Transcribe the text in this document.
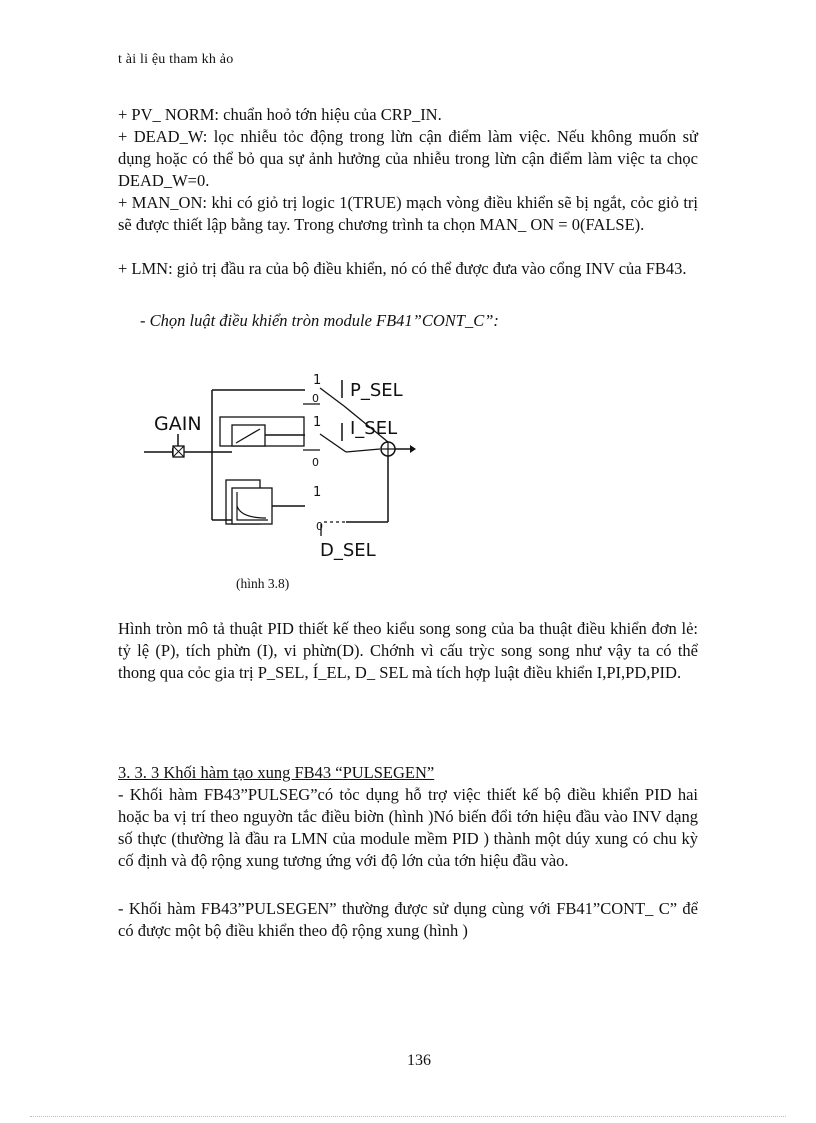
t ài li ệu tham kh ảo

+ PV_ NORM: chuẩn hoỏ tớn hiệu của CRP_IN.

+ DEAD_W: lọc nhiễu tỏc động trong lừn cận điểm làm việc. Nếu không muốn sử dụng hoặc có thể bỏ qua sự ảnh hưởng của nhiễu trong lừn cận điểm làm việc ta chọc DEAD_W=0.

+ MAN_ON: khi có giỏ trị logic 1(TRUE) mạch vòng điều khiển sẽ bị ngắt, cỏc giỏ trị sẽ được thiết lập bằng tay. Trong chương trình ta chọn MAN_ ON = 0(FALSE).

+ LMN: giỏ trị đầu ra của bộ điều khiển, nó có thể được đưa vào cổng INV của FB43.

- Chọn luật điều khiển tròn module FB41”CONT_C”:

GAIN
1
0 P_SEL
1
0
I_SEL
1
0
D_SEL
(hình 3.8)

Hình tròn mô tả thuật PID thiết kế theo kiểu song song của ba thuật điều khiển đơn lẻ: tỷ lệ (P), tích phừn (I), vi phừn(D). Chớnh vì cấu trỳc song song như vậy ta có thể thong qua cỏc gia trị P_SEL, Í_EL, D_ SEL mà tích hợp luật điều khiển I,PI,PD,PID.

3. 3. 3 Khối hàm tạo xung FB43 “PULSEGEN”

- Khối hàm FB43”PULSEG”có tỏc dụng hỗ trợ việc thiết kế bộ điều khiển PID hai hoặc ba vị trí theo nguyờn tắc điều biờn (hình )Nó biến đổi tớn hiệu đầu vào INV dạng số thực (thường là đầu ra LMN của module mềm PID ) thành một dúy xung có chu kỳ cố định và độ rộng xung tương ứng với độ lớn của tớn hiệu đầu vào.

- Khối hàm FB43”PULSEGEN” thường được sử dụng cùng với FB41”CONT_ C” để có được một bộ điều khiển theo độ rộng xung (hình )

136
